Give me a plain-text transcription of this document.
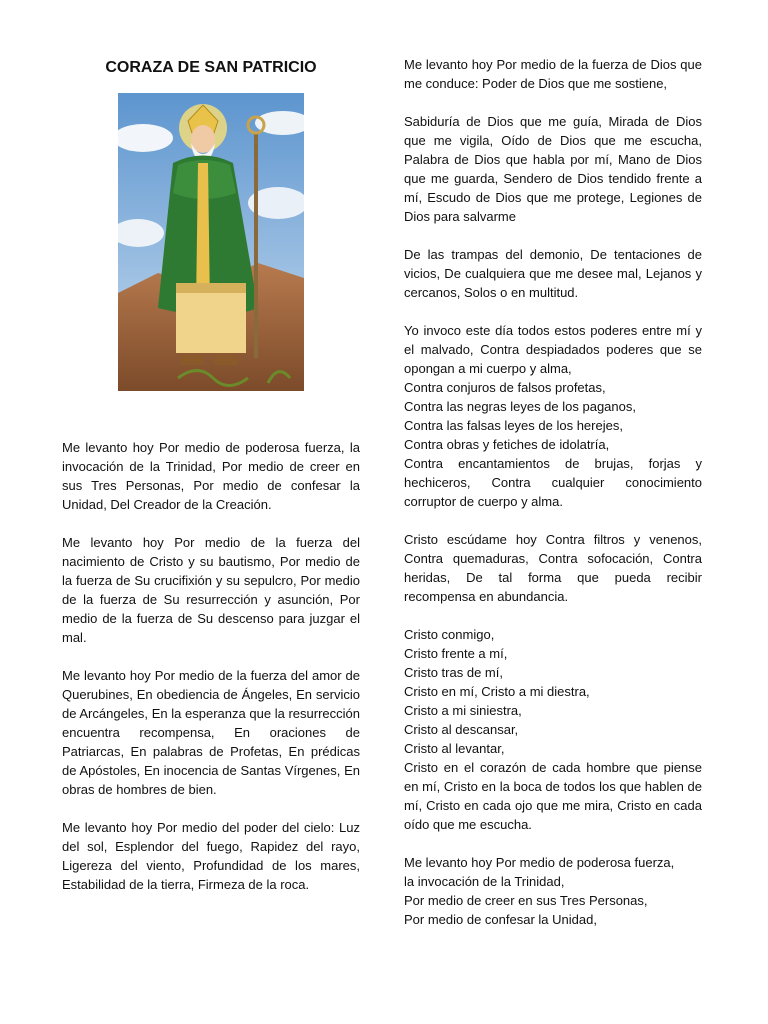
CORAZA DE SAN PATRICIO

Me levanto hoy Por medio de poderosa fuerza, la invocación de la Trinidad, Por medio de creer en sus Tres Personas, Por medio de confesar la Unidad, Del Creador de la Creación.

Me levanto hoy Por medio de la fuerza del nacimiento de Cristo y su bautismo, Por medio de la fuerza de Su crucifixión y su sepulcro, Por medio de la fuerza de Su resurrección y asunción, Por medio de la fuerza de Su descenso para juzgar el mal.

Me levanto hoy Por medio de la fuerza del amor de Querubines, En obediencia de Ángeles, En servicio de Arcángeles, En la esperanza que la resurrección encuentra recompensa, En oraciones de Patriarcas, En palabras de Profetas, En prédicas de Apóstoles, En inocencia de Santas Vírgenes, En obras de hombres de bien.

Me levanto hoy Por medio del poder del cielo: Luz del sol, Esplendor del fuego, Rapidez del rayo, Ligereza del viento, Profundidad de los mares, Estabilidad de la tierra, Firmeza de la roca.

Me levanto hoy Por medio de la fuerza de Dios que me conduce: Poder de Dios que me sostiene,

Sabiduría de Dios que me guía, Mirada de Dios que me vigila, Oído de Dios que me escucha, Palabra de Dios que habla por mí, Mano de Dios que me guarda, Sendero de Dios tendido frente a mí, Escudo de Dios que me protege, Legiones de Dios para salvarme

De las trampas del demonio, De tentaciones de vicios, De cualquiera que me desee mal, Lejanos y cercanos, Solos o en multitud.

Yo invoco este día todos estos poderes entre mí y el malvado, Contra despiadados poderes que se opongan a mi cuerpo y alma,
Contra conjuros de falsos profetas,
Contra las negras leyes de los paganos,
Contra las falsas leyes de los herejes,
Contra obras y fetiches de idolatría,
Contra encantamientos de brujas, forjas y hechiceros, Contra cualquier conocimiento corruptor de cuerpo y alma.

Cristo escúdame hoy Contra filtros y venenos, Contra quemaduras, Contra sofocación, Contra heridas, De tal forma que pueda recibir recompensa en abundancia.

Cristo conmigo,
Cristo frente a mí,
Cristo tras de mí,
Cristo en mí, Cristo a mi diestra,
Cristo a mi siniestra,
Cristo al descansar,
Cristo al levantar,
Cristo en el corazón de cada hombre que piense en mí, Cristo en la boca de todos los que hablen de mí, Cristo en cada ojo que me mira, Cristo en cada oído que me escucha.
Me levanto hoy Por medio de poderosa fuerza,
la invocación de la Trinidad,
Por medio de creer en sus Tres Personas,
Por medio de confesar la Unidad,
